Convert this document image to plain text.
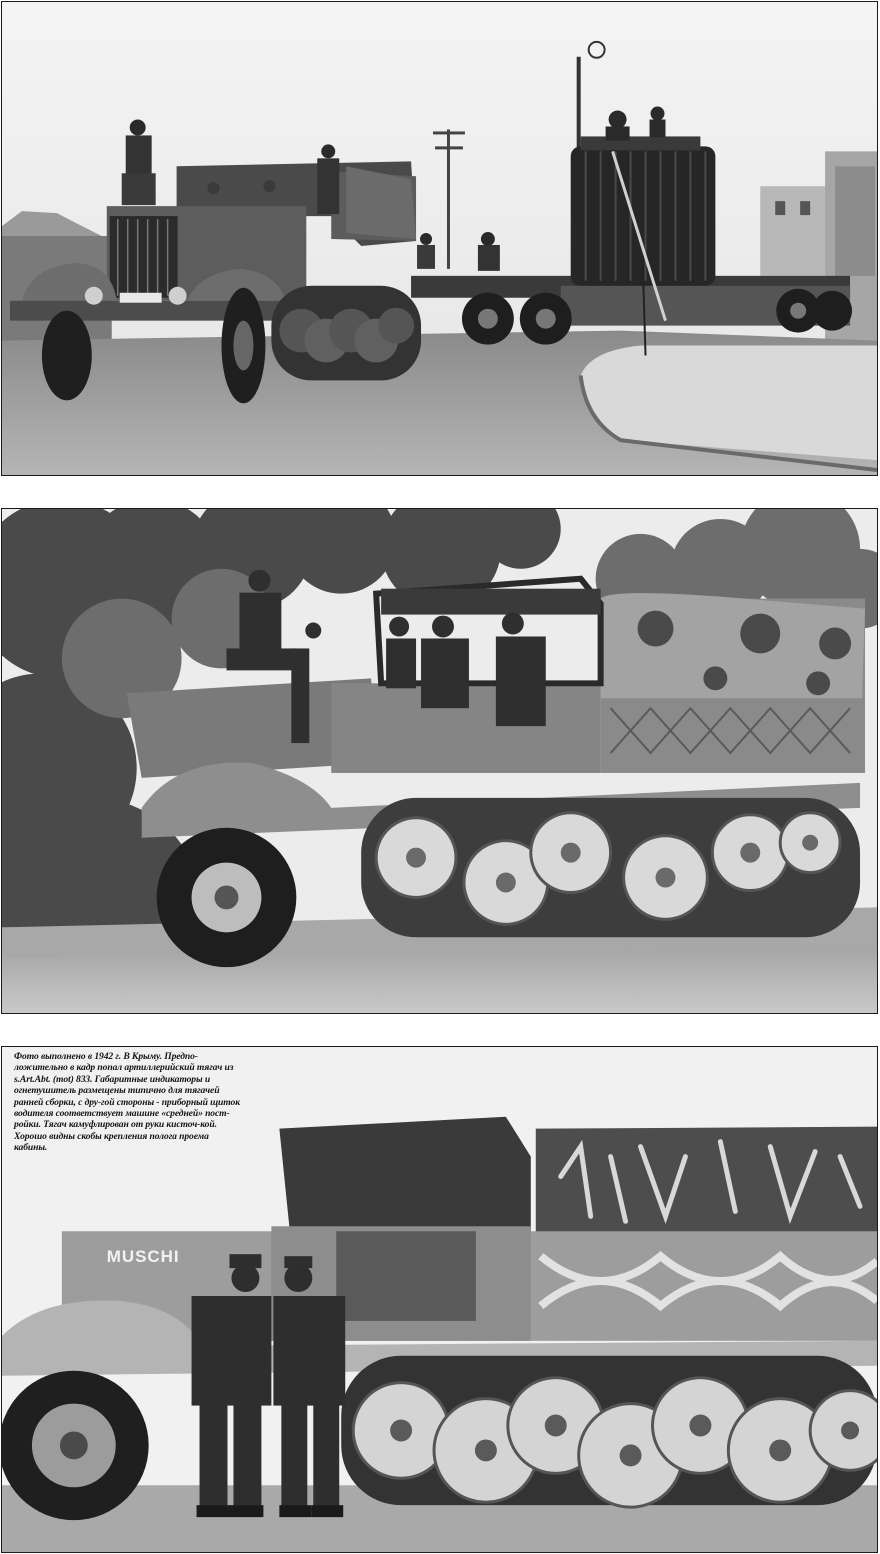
MUSCHI
Фото выполнено в 1942 г. В Крыму. Предпо-ложительно в кадр попал артиллерийский тягач из s.Art.Abt. (mot) 833. Габаритные индикаторы и огнетушитель размещены типично для тягачей ранней сборки, с дру-гой стороны - приборный щиток водителя соответствует машине «средней» пост-ройки. Тягач камуфлирован от руки кисточ-кой. Хорошо видны скобы крепления полога проема кабины.
